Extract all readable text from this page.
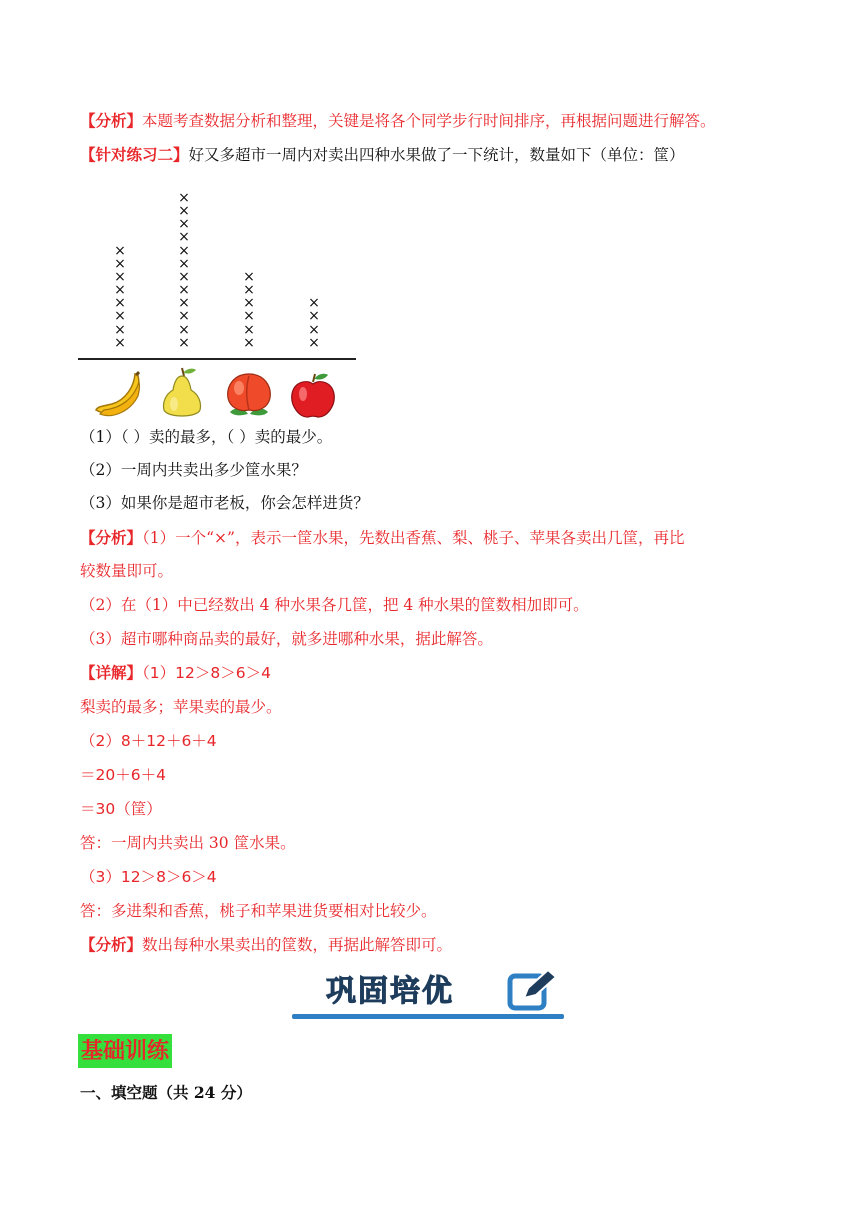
【分析】本题考查数据分析和整理，关键是将各个同学步行时间排序，再根据问题进行解答。
【针对练习二】好又多超市一周内对卖出四种水果做了一下统计，数量如下（单位：筐）
×
×
×
×
×
×
×
×
×
×
×
×
×
×
×
×
×
×
×
×
×
×
×
×
×
×
×
×
×
×
（1）（ ）卖的最多，（ ）卖的最少。
（2）一周内共卖出多少筐水果？
（3）如果你是超市老板，你会怎样进货？
【分析】（1）一个“×”，表示一筐水果，先数出香蕉、梨、桃子、苹果各卖出几筐，再比
较数量即可。
（2）在（1）中已经数出 4 种水果各几筐，把 4 种水果的筐数相加即可。
（3）超市哪种商品卖的最好，就多进哪种水果，据此解答。
【详解】（1）12＞8＞6＞4
梨卖的最多；苹果卖的最少。
（2）8＋12＋6＋4
＝20＋6＋4
＝30（筐）
答：一周内共卖出 30 筐水果。
（3）12＞8＞6＞4
答：多进梨和香蕉，桃子和苹果进货要相对比较少。
【分析】数出每种水果卖出的筐数，再据此解答即可。
巩固培优
基础训练
一、填空题（共 24 分）
